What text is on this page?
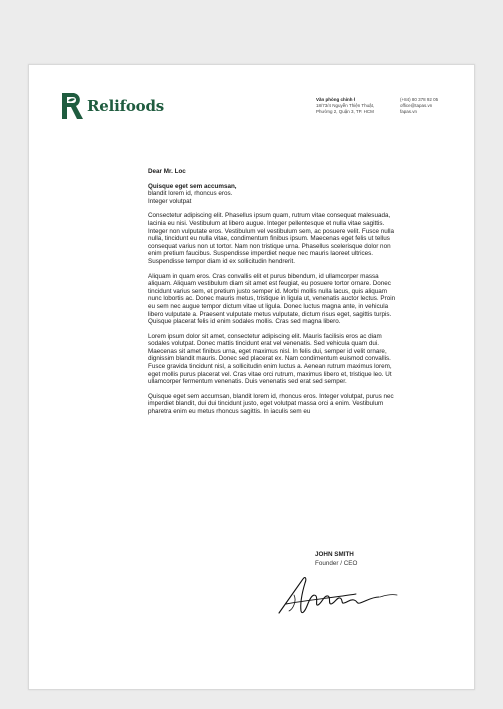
Relifoods	Văn phòng chính ł
18/73/4 Nguyễn Thiện Thuật,
Phường 2, Quận 3, TP. HCM
(+84) 80 378 92 05
office@tapas.vn
fapas.vn
Dear Mr. Loc
Quisque eget sem accumsan,
blandit lorem id, rhoncus eros.
Integer volutpat
Consectetur adipiscing elit. Phasellus ipsum quam, rutrum vitae consequat malesuada, lacinia eu nisi. Vestibulum at libero augue. Integer pellentesque et nulla vitae sagittis. Integer non vulputate eros. Vestibulum vel vestibulum sem, ac posuere velit. Fusce nulla nulla, tincidunt eu nulla vitae, condimentum finibus ipsum. Maecenas eget felis ut tellus consequat varius non ut tortor. Nam non tristique urna. Phasellus scelerisque dolor non enim pretium faucibus. Suspendisse imperdiet neque nec mauris laoreet ultrices. Suspendisse tempor diam id ex sollicitudin hendrerit.
Aliquam in quam eros. Cras convallis elit et purus bibendum, id ullamcorper massa aliquam. Aliquam vestibulum diam sit amet est feugiat, eu posuere tortor ornare. Donec tincidunt varius sem, et pretium justo semper id. Morbi mollis nulla lacus, quis aliquam nunc lobortis ac. Donec mauris metus, tristique in ligula ut, venenatis auctor lectus. Proin eu sem nec augue tempor dictum vitae ut ligula. Donec luctus magna ante, in vehicula libero vulputate a. Praesent vulputate metus vulputate, dictum risus eget, sagittis turpis. Quisque placerat felis id enim sodales mollis. Cras sed magna libero.
Lorem ipsum dolor sit amet, consectetur adipiscing elit. Mauris facilisis eros ac diam sodales volutpat. Donec mattis tincidunt erat vel venenatis. Sed vehicula quam dui. Maecenas sit amet finibus urna, eget maximus nisl. In felis dui, semper id velit ornare, dignissim blandit mauris. Donec sed placerat ex. Nam condimentum euismod convallis. Fusce gravida tincidunt nisl, a sollicitudin enim luctus a. Aenean rutrum maximus lorem, eget mollis purus placerat vel. Cras vitae orci rutrum, maximus libero et, tristique leo. Ut ullamcorper fermentum venenatis. Duis venenatis sed erat sed semper.
Quisque eget sem accumsan, blandit lorem id, rhoncus eros. Integer volutpat, purus nec imperdiet blandit, dui dui tincidunt justo, eget volutpat massa orci a enim. Vestibulum pharetra enim eu metus rhoncus sagittis. In iaculis sem eu
JOHN SMITH
Founder / CEO
